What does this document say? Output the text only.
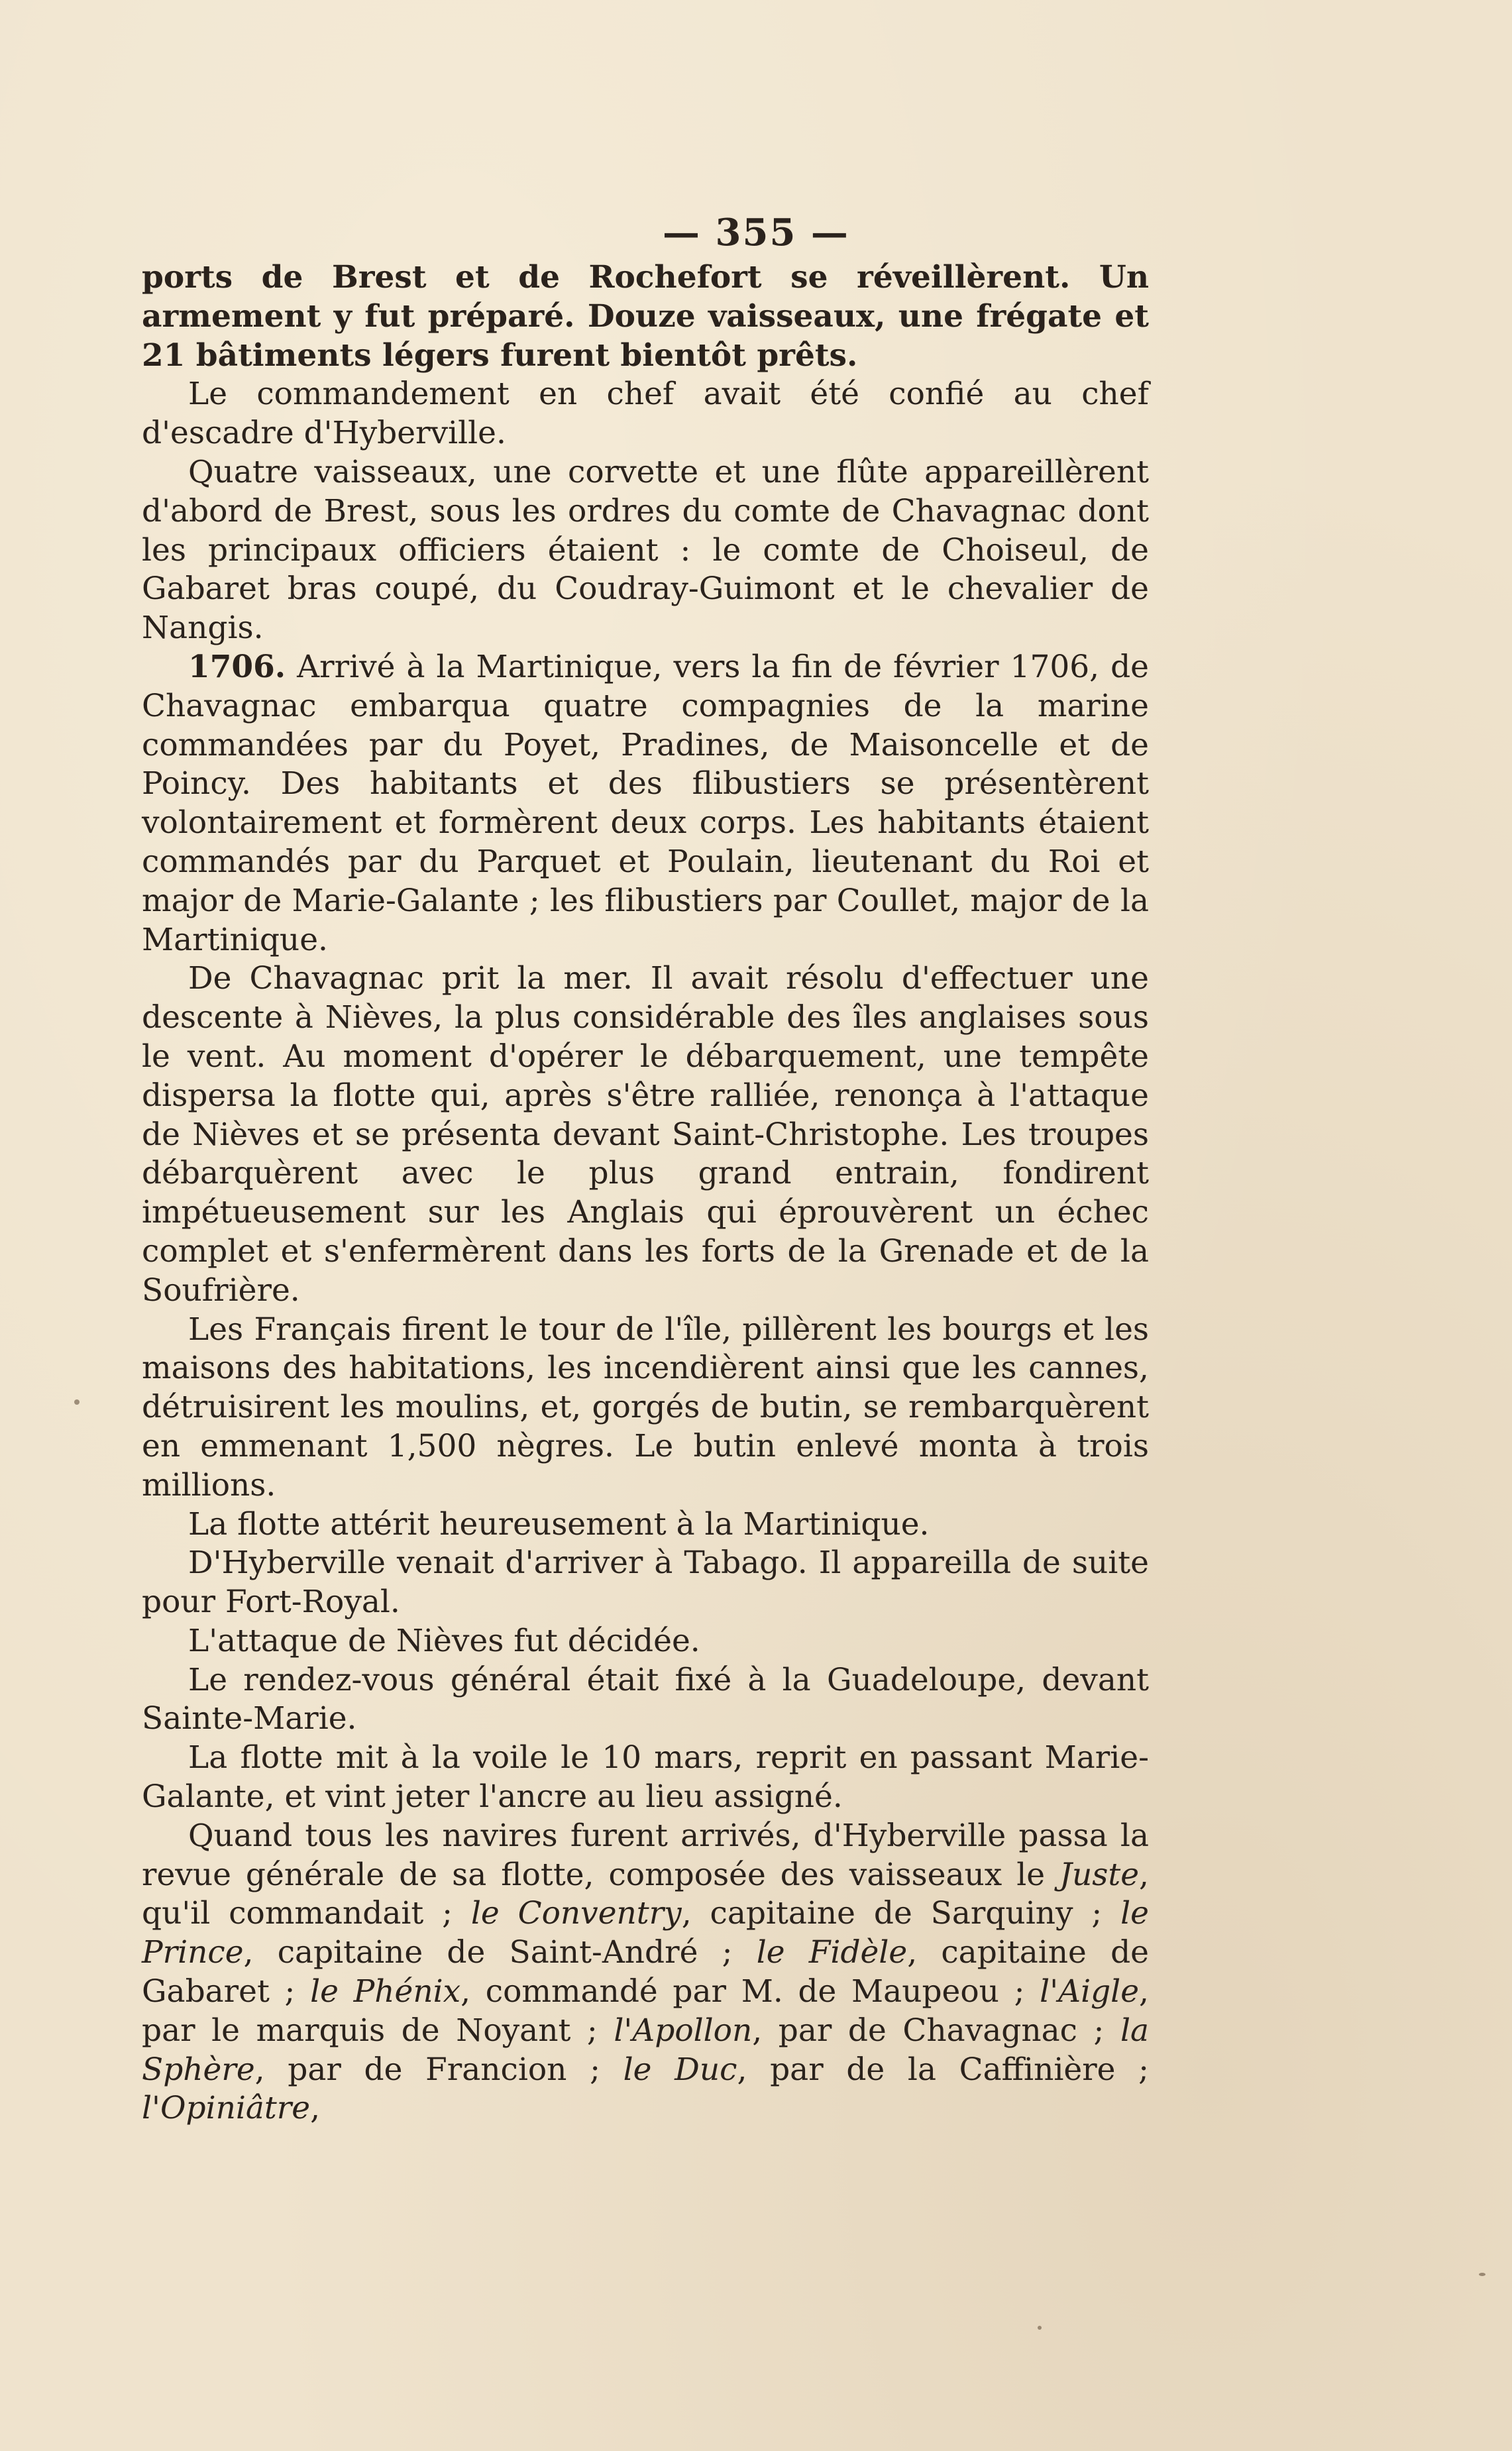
— 355 —

ports de Brest et de Rochefort se réveillèrent. Un armement y fut préparé. Douze vaisseaux, une frégate et 21 bâtiments légers furent bientôt prêts.

Le commandement en chef avait été confié au chef d'escadre d'Hyberville.

Quatre vaisseaux, une corvette et une flûte appareillèrent d'abord de Brest, sous les ordres du comte de Chavagnac dont les principaux officiers étaient : le comte de Choiseul, de Gabaret bras coupé, du Coudray-Guimont et le chevalier de Nangis.

1706. Arrivé à la Martinique, vers la fin de février 1706, de Chavagnac embarqua quatre compagnies de la marine commandées par du Poyet, Pradines, de Maisoncelle et de Poincy. Des habitants et des flibustiers se présentèrent volontairement et formèrent deux corps. Les habitants étaient commandés par du Parquet et Poulain, lieutenant du Roi et major de Marie-Galante ; les flibustiers par Coullet, major de la Martinique.

De Chavagnac prit la mer. Il avait résolu d'effectuer une descente à Nièves, la plus considérable des îles anglaises sous le vent. Au moment d'opérer le débarquement, une tempête dispersa la flotte qui, après s'être ralliée, renonça à l'attaque de Nièves et se présenta devant Saint-Christophe. Les troupes débarquèrent avec le plus grand entrain, fondirent impétueusement sur les Anglais qui éprouvèrent un échec complet et s'enfermèrent dans les forts de la Grenade et de la Soufrière.

Les Français firent le tour de l'île, pillèrent les bourgs et les maisons des habitations, les incendièrent ainsi que les cannes, détruisirent les moulins, et, gorgés de butin, se rembarquèrent en emmenant 1,500 nègres. Le butin enlevé monta à trois millions.

La flotte attérit heureusement à la Martinique.

D'Hyberville venait d'arriver à Tabago. Il appareilla de suite pour Fort-Royal.

L'attaque de Nièves fut décidée.

Le rendez-vous général était fixé à la Guadeloupe, devant Sainte-Marie.

La flotte mit à la voile le 10 mars, reprit en passant Marie-Galante, et vint jeter l'ancre au lieu assigné.

Quand tous les navires furent arrivés, d'Hyberville passa la revue générale de sa flotte, composée des vaisseaux le Juste, qu'il commandait ; le Conventry, capitaine de Sarquiny ; le Prince, capitaine de Saint-André ; le Fidèle, capitaine de Gabaret ; le Phénix, commandé par M. de Maupeou ; l'Aigle, par le marquis de Noyant ; l'Apollon, par de Chavagnac ; la Sphère, par de Francion ; le Duc, par de la Caffinière ; l'Opiniâtre,
